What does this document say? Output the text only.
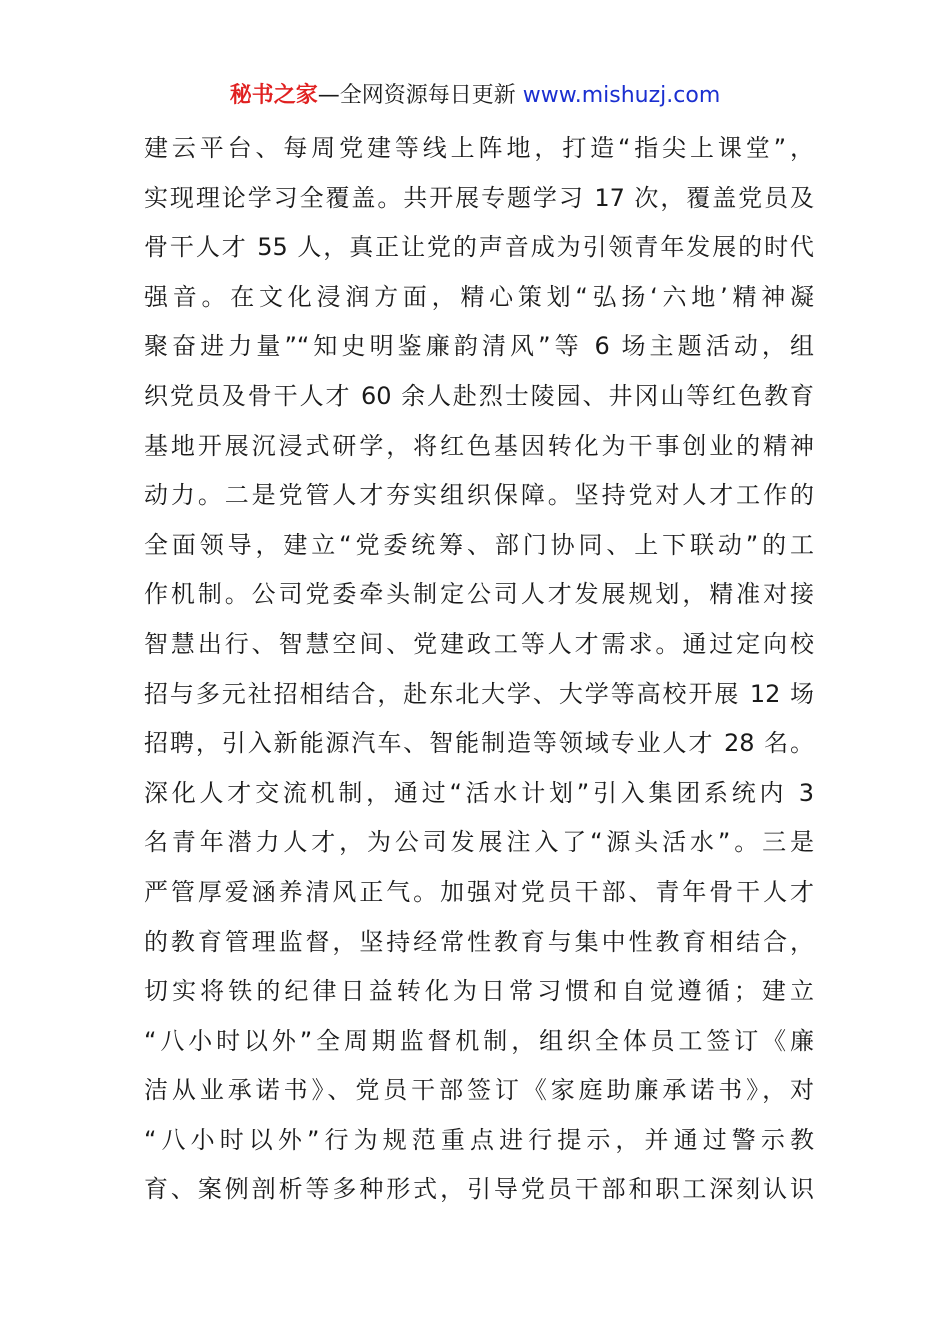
秘书之家—全网资源每日更新 www.mishuzj.com
建云平台、每周党建等线上阵地，打造“指尖上课堂”，
实现理论学习全覆盖。共开展专题学习 17 次，覆盖党员及
骨干人才 55 人，真正让党的声音成为引领青年发展的时代
强音。在文化浸润方面，精心策划“弘扬‘六地’精神凝
聚奋进力量”“知史明鉴廉韵清风”等 6 场主题活动，组
织党员及骨干人才 60 余人赴烈士陵园、井冈山等红色教育
基地开展沉浸式研学，将红色基因转化为干事创业的精神
动力。二是党管人才夯实组织保障。坚持党对人才工作的
全面领导，建立“党委统筹、部门协同、上下联动”的工
作机制。公司党委牵头制定公司人才发展规划，精准对接
智慧出行、智慧空间、党建政工等人才需求。通过定向校
招与多元社招相结合，赴东北大学、大学等高校开展 12 场
招聘，引入新能源汽车、智能制造等领域专业人才 28 名。
深化人才交流机制，通过“活水计划”引入集团系统内 3
名青年潜力人才，为公司发展注入了“源头活水”。三是
严管厚爱涵养清风正气。加强对党员干部、青年骨干人才
的教育管理监督，坚持经常性教育与集中性教育相结合，
切实将铁的纪律日益转化为日常习惯和自觉遵循；建立
“八小时以外”全周期监督机制，组织全体员工签订《廉
洁从业承诺书》、党员干部签订《家庭助廉承诺书》，对
“八小时以外”行为规范重点进行提示，并通过警示教
育、案例剖析等多种形式，引导党员干部和职工深刻认识
